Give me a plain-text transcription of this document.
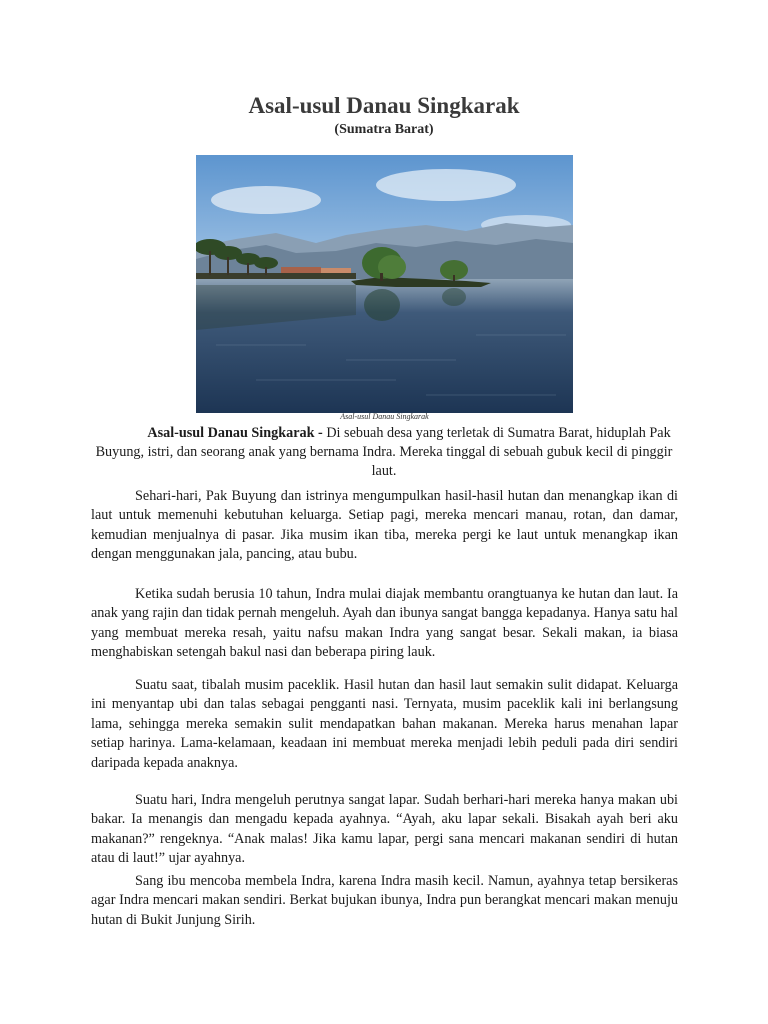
Asal-usul Danau Singkarak
(Sumatra Barat)
Asal-usul Danau Singkarak

Asal-usul Danau Singkarak - Di sebuah desa yang terletak di Sumatra Barat, hiduplah Pak Buyung, istri, dan seorang anak yang bernama Indra. Mereka tinggal di sebuah gubuk kecil di pinggir laut.

Sehari-hari, Pak Buyung dan istrinya mengumpulkan hasil-hasil hutan dan menangkap ikan di laut untuk memenuhi kebutuhan keluarga. Setiap pagi, mereka mencari manau, rotan, dan damar, kemudian menjualnya di pasar. Jika musim ikan tiba, mereka pergi ke laut untuk menangkap ikan dengan menggunakan jala, pancing, atau bubu.

Ketika sudah berusia 10 tahun, Indra mulai diajak membantu orangtuanya ke hutan dan laut. Ia anak yang rajin dan tidak pernah mengeluh. Ayah dan ibunya sangat bangga kepadanya. Hanya satu hal yang membuat mereka resah, yaitu nafsu makan Indra yang sangat besar. Sekali makan, ia biasa menghabiskan setengah bakul nasi dan beberapa piring lauk.

Suatu saat, tibalah musim paceklik. Hasil hutan dan hasil laut semakin sulit didapat. Keluarga ini menyantap ubi dan talas sebagai pengganti nasi. Ternyata, musim paceklik kali ini berlangsung lama, sehingga mereka semakin sulit mendapatkan bahan makanan. Mereka harus menahan lapar setiap harinya. Lama-kelamaan, keadaan ini membuat mereka menjadi lebih peduli pada diri sendiri daripada kepada anaknya.

Suatu hari, Indra mengeluh perutnya sangat lapar. Sudah berhari-hari mereka hanya makan ubi bakar. Ia menangis dan mengadu kepada ayahnya. “Ayah, aku lapar sekali. Bisakah ayah beri aku makanan?” rengeknya. “Anak malas! Jika kamu lapar, pergi sana mencari makanan sendiri di hutan atau di laut!” ujar ayahnya.

Sang ibu mencoba membela Indra, karena Indra masih kecil. Namun, ayahnya tetap bersikeras agar Indra mencari makan sendiri. Berkat bujukan ibunya, Indra pun berangkat mencari makan menuju hutan di Bukit Junjung Sirih.
